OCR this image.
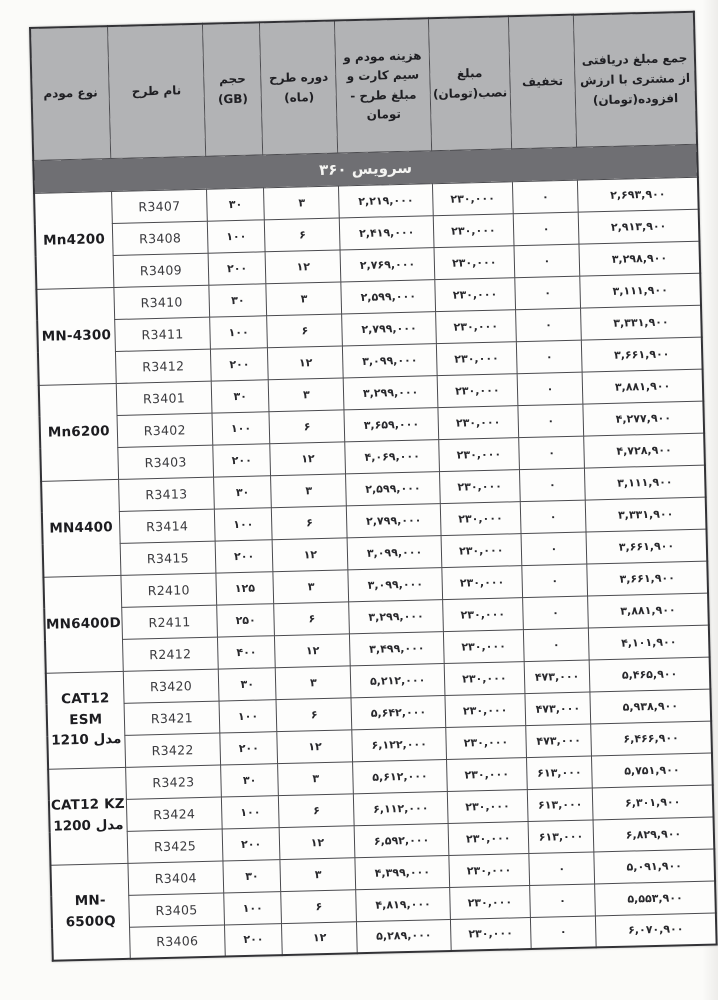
جمع مبلغ دریافتی
از مشتری با ارزش
افزوده(تومان)

تخفیف

مبلغ
نصب(تومان)

هزینه مودم و
سیم کارت و
مبلغ طرح -
تومان

دوره طرح
(ماه)

حجم
(GB)

نام طرح

نوع مودم

سرویس ۳۶۰							
۲,۶۹۳,۹۰۰	۰	۲۳۰,۰۰۰	۲,۲۱۹,۰۰۰	۳	۳۰	R3407	Mn4200

۲,۹۱۳,۹۰۰	۰	۲۳۰,۰۰۰	۲,۴۱۹,۰۰۰	۶	۱۰۰	R3408	
۳,۲۹۸,۹۰۰	۰	۲۳۰,۰۰۰	۲,۷۶۹,۰۰۰	۱۲	۲۰۰	R3409	
۳,۱۱۱,۹۰۰	۰	۲۳۰,۰۰۰	۲,۵۹۹,۰۰۰	۳	۳۰	R3410	MN-4300

۳,۳۳۱,۹۰۰	۰	۲۳۰,۰۰۰	۲,۷۹۹,۰۰۰	۶	۱۰۰	R3411	
۳,۶۶۱,۹۰۰	۰	۲۳۰,۰۰۰	۳,۰۹۹,۰۰۰	۱۲	۲۰۰	R3412	
۳,۸۸۱,۹۰۰	۰	۲۳۰,۰۰۰	۳,۲۹۹,۰۰۰	۳	۳۰	R3401	Mn6200

۴,۲۷۷,۹۰۰	۰	۲۳۰,۰۰۰	۳,۶۵۹,۰۰۰	۶	۱۰۰	R3402	
۴,۷۲۸,۹۰۰	۰	۲۳۰,۰۰۰	۴,۰۶۹,۰۰۰	۱۲	۲۰۰	R3403	
۳,۱۱۱,۹۰۰	۰	۲۳۰,۰۰۰	۲,۵۹۹,۰۰۰	۳	۳۰	R3413	MN4400

۳,۳۳۱,۹۰۰	۰	۲۳۰,۰۰۰	۲,۷۹۹,۰۰۰	۶	۱۰۰	R3414	
۳,۶۶۱,۹۰۰	۰	۲۳۰,۰۰۰	۳,۰۹۹,۰۰۰	۱۲	۲۰۰	R3415	
۳,۶۶۱,۹۰۰	۰	۲۳۰,۰۰۰	۳,۰۹۹,۰۰۰	۳	۱۲۵	R2410	MN6400D

۳,۸۸۱,۹۰۰	۰	۲۳۰,۰۰۰	۳,۲۹۹,۰۰۰	۶	۲۵۰	R2411	
۴,۱۰۱,۹۰۰	۰	۲۳۰,۰۰۰	۳,۴۹۹,۰۰۰	۱۲	۴۰۰	R2412	
۵,۴۶۵,۹۰۰	۴۷۳,۰۰۰	۲۳۰,۰۰۰	۵,۲۱۲,۰۰۰	۳	۳۰	R3420	CAT12 ESM
مدل 1210

۵,۹۳۸,۹۰۰	۴۷۳,۰۰۰	۲۳۰,۰۰۰	۵,۶۴۲,۰۰۰	۶	۱۰۰	R3421	
۶,۴۶۶,۹۰۰	۴۷۳,۰۰۰	۲۳۰,۰۰۰	۶,۱۲۲,۰۰۰	۱۲	۲۰۰	R3422	
۵,۷۵۱,۹۰۰	۶۱۳,۰۰۰	۲۳۰,۰۰۰	۵,۶۱۲,۰۰۰	۳	۳۰	R3423	CAT12 KZ
مدل 1200

۶,۳۰۱,۹۰۰	۶۱۳,۰۰۰	۲۳۰,۰۰۰	۶,۱۱۲,۰۰۰	۶	۱۰۰	R3424	
۶,۸۲۹,۹۰۰	۶۱۳,۰۰۰	۲۳۰,۰۰۰	۶,۵۹۲,۰۰۰	۱۲	۲۰۰	R3425	
۵,۰۹۱,۹۰۰	۰	۲۳۰,۰۰۰	۴,۳۹۹,۰۰۰	۳	۳۰	R3404	MN-6500Q

۵,۵۵۳,۹۰۰	۰	۲۳۰,۰۰۰	۴,۸۱۹,۰۰۰	۶	۱۰۰	R3405	
۶,۰۷۰,۹۰۰	۰	۲۳۰,۰۰۰	۵,۲۸۹,۰۰۰	۱۲	۲۰۰	R3406	
